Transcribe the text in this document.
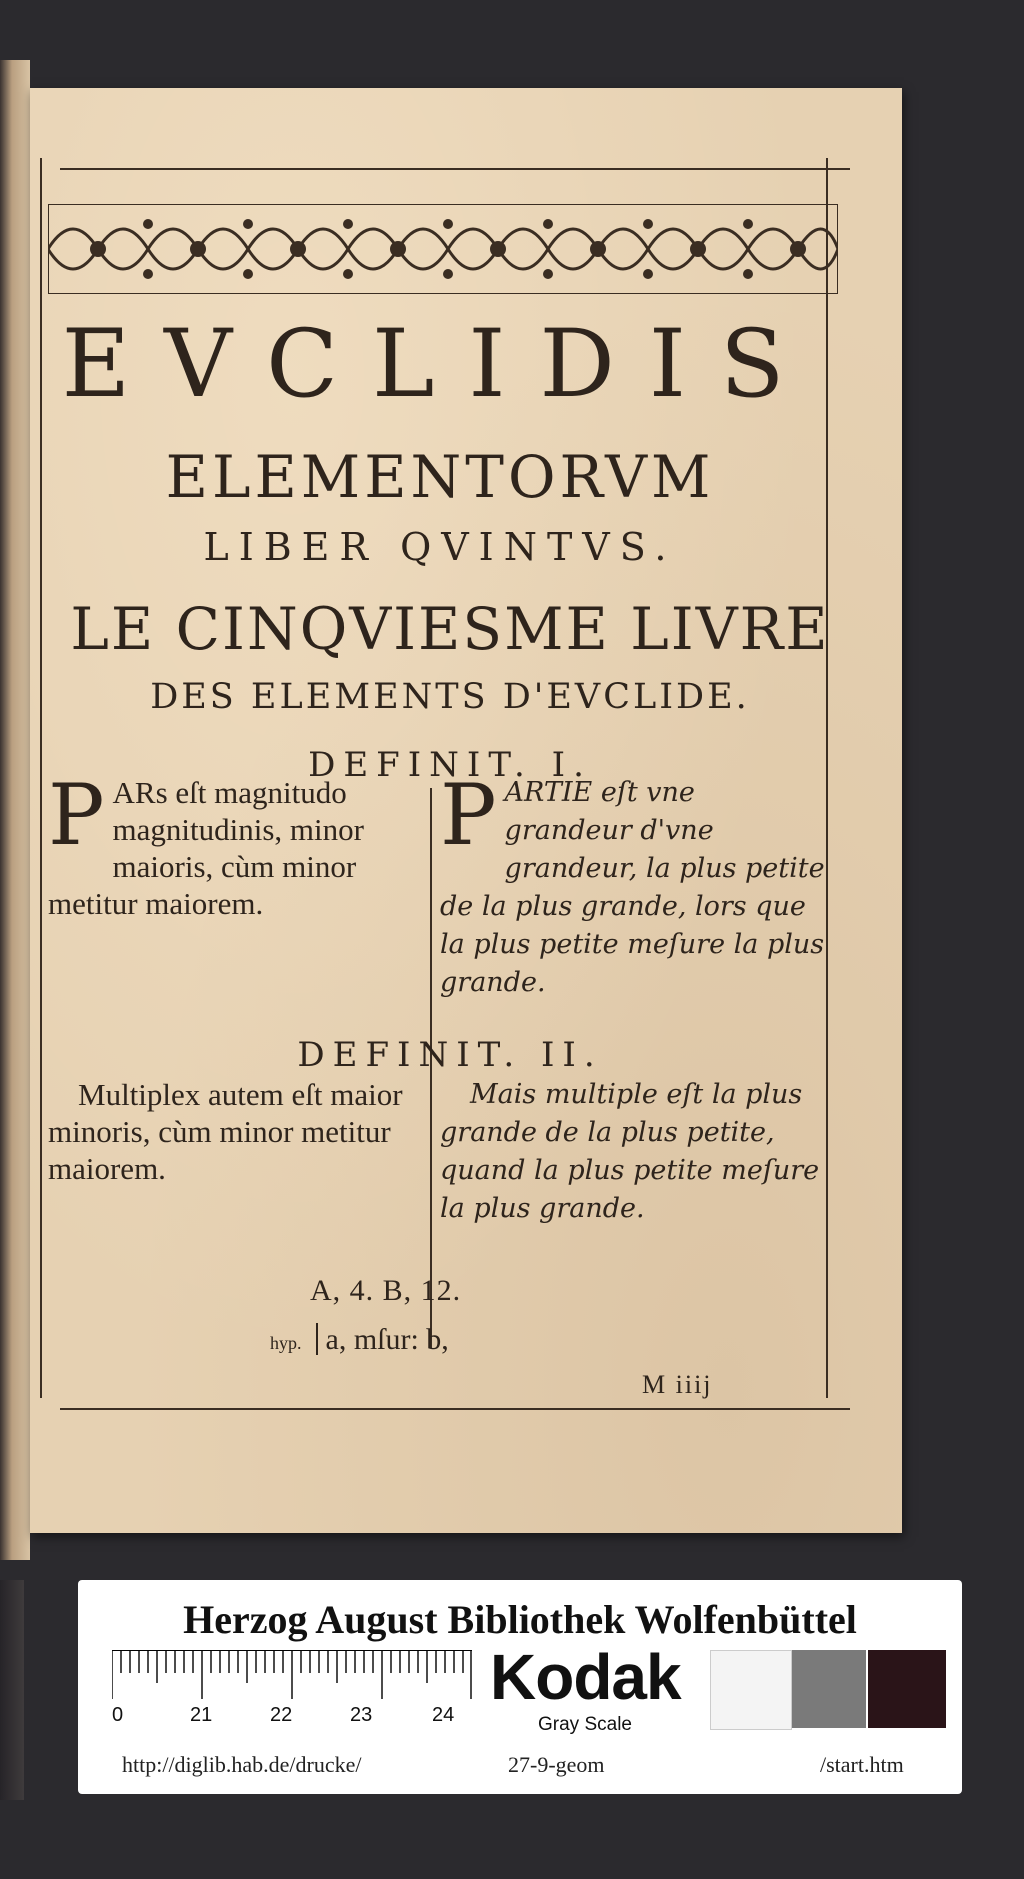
EVCLIDIS
ELEMENTORVM
LIBER QVINTVS.
LE CINQVIESME LIVRE
DES ELEMENTS D'EVCLIDE.
DEFINIT. I.

P ARs eſt magnitudo magnitudinis, minor maioris, cùm minor metitur maiorem.

PARTIE eſt vne grandeur d'vne grandeur, la plus petite de la plus grande, lors que la plus petite meſure la plus grande.

DEFINIT. II.

Multiplex autem eſt maior minoris, cùm minor metitur maiorem.

Mais multiple eſt la plus grande de la plus petite, quand la plus petite meſure la plus grande.

A, 4. B, 12.
hyp. a, mſur: b,
M iiij
Herzog August Bibliothek Wolfenbüttel
0	21	22	23	24
Kodak
Gray Scale
http://diglib.hab.de/drucke/	27-9-geom	/start.htm
